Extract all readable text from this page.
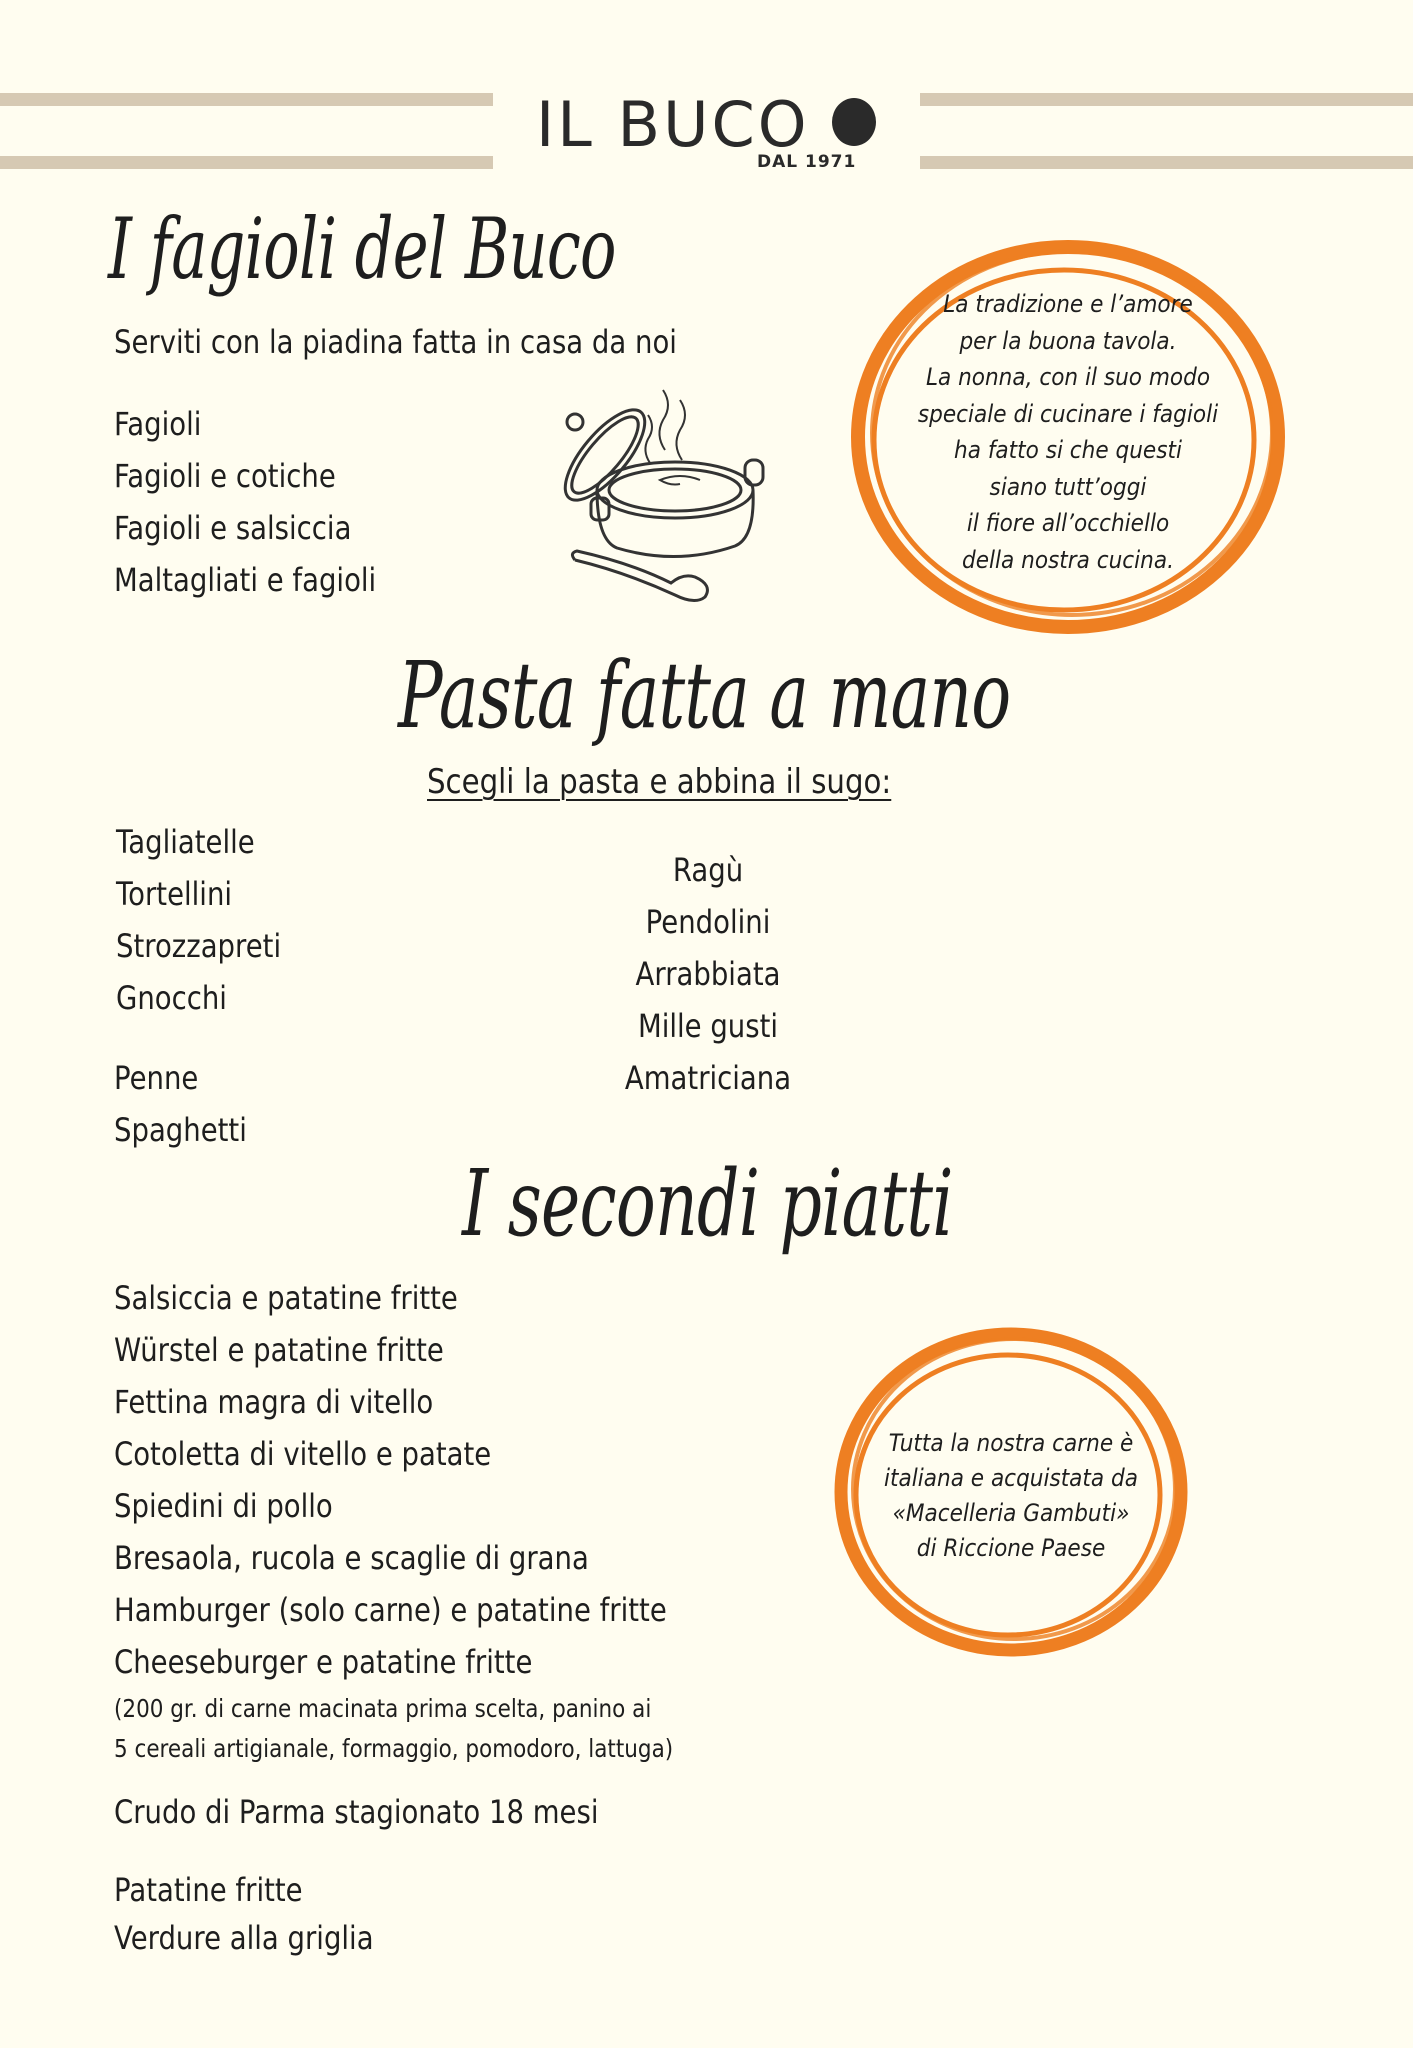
IL BUCO
DAL 1971
I fagioli del Buco
Serviti con la piadina fatta in casa da noi
Fagioli
Fagioli e cotiche
Fagioli e salsiccia
Maltagliati e fagioli
La tradizione e l’amore
per la buona tavola.
La nonna, con il suo modo
speciale di cucinare i fagioli
ha fatto si che questi
siano tutt’oggi
il fiore all’occhiello
della nostra cucina.
Pasta fatta a mano
Scegli la pasta e abbina il sugo:
Tagliatelle
Tortellini
Strozzapreti
Gnocchi
Penne
Spaghetti
Ragù
Pendolini
Arrabbiata
Mille gusti
Amatriciana
I secondi piatti
Salsiccia e patatine fritte
Würstel e patatine fritte
Fettina magra di vitello
Cotoletta di vitello e patate
Spiedini di pollo
Bresaola, rucola e scaglie di grana
Hamburger (solo carne) e patatine fritte
Cheeseburger e patatine fritte
(200 gr. di carne macinata prima scelta, panino ai
5 cereali artigianale, formaggio, pomodoro, lattuga)
Crudo di Parma stagionato 18 mesi
Patatine fritte
Verdure alla griglia
Tutta la nostra carne è
italiana e acquistata da
«Macelleria Gambuti»
di Riccione Paese
